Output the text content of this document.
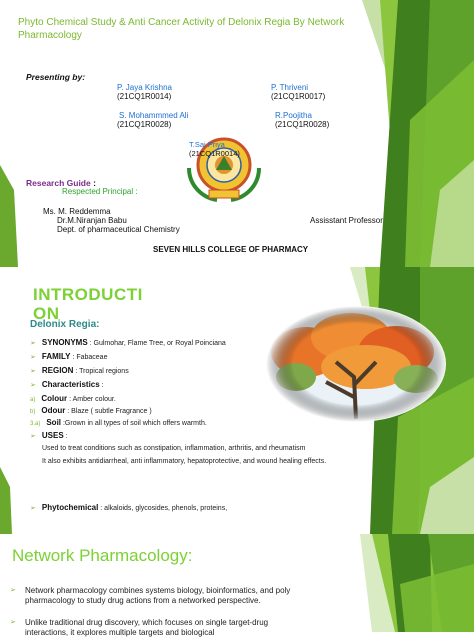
Phyto Chemical Study & Anti Cancer Activity of Delonix Regia By Network Pharmacology
Presenting by:
P. Jaya Krishna
(21CQ1R0014)
P. Thriveni
(21CQ1R0017)
S. Mohammmed Ali
(21CQ1R0028)
R.Poojitha
(21CQ1R0028)
T.Sai Priya
(21CQ1R0014)
Research Guide :
Respected Principal :
Ms. M. Reddemma
Dr.M.Niranjan Babu	Assisstant Professor
Dept. of pharmaceutical Chemistry
SEVEN HILLS COLLEGE OF PHARMACY
INTRODUCTI ON
Delonix Regia:
➢ SYNONYMS : Gulmohar, Flame Tree, or Royal Poinciana
➢ FAMILY : Fabaceae
➢ REGION : Tropical regions
➢ Characteristics :
a) Colour : Amber colour.
b) Odour : Blaze ( subtle Fragrance )
3.a) Soil :Grown in all types of soil which offers warmth.
➢ USES :
Used to treat conditions such as constipation, inflammation, arthritis, and rheumatism
It also exhibits antidiarrheal, anti inflammatory, hepatoprotective, and wound healing effects.
➢ Phytochemical : alkaloids, glycosides, phenols, proteins,
Network Pharmacology:
➢	Network pharmacology combines systems biology, bioinformatics, and poly pharmacology to study drug actions from a networked perspective.
➢	Unlike traditional drug discovery, which focuses on single target-drug interactions, it explores multiple targets and biological
